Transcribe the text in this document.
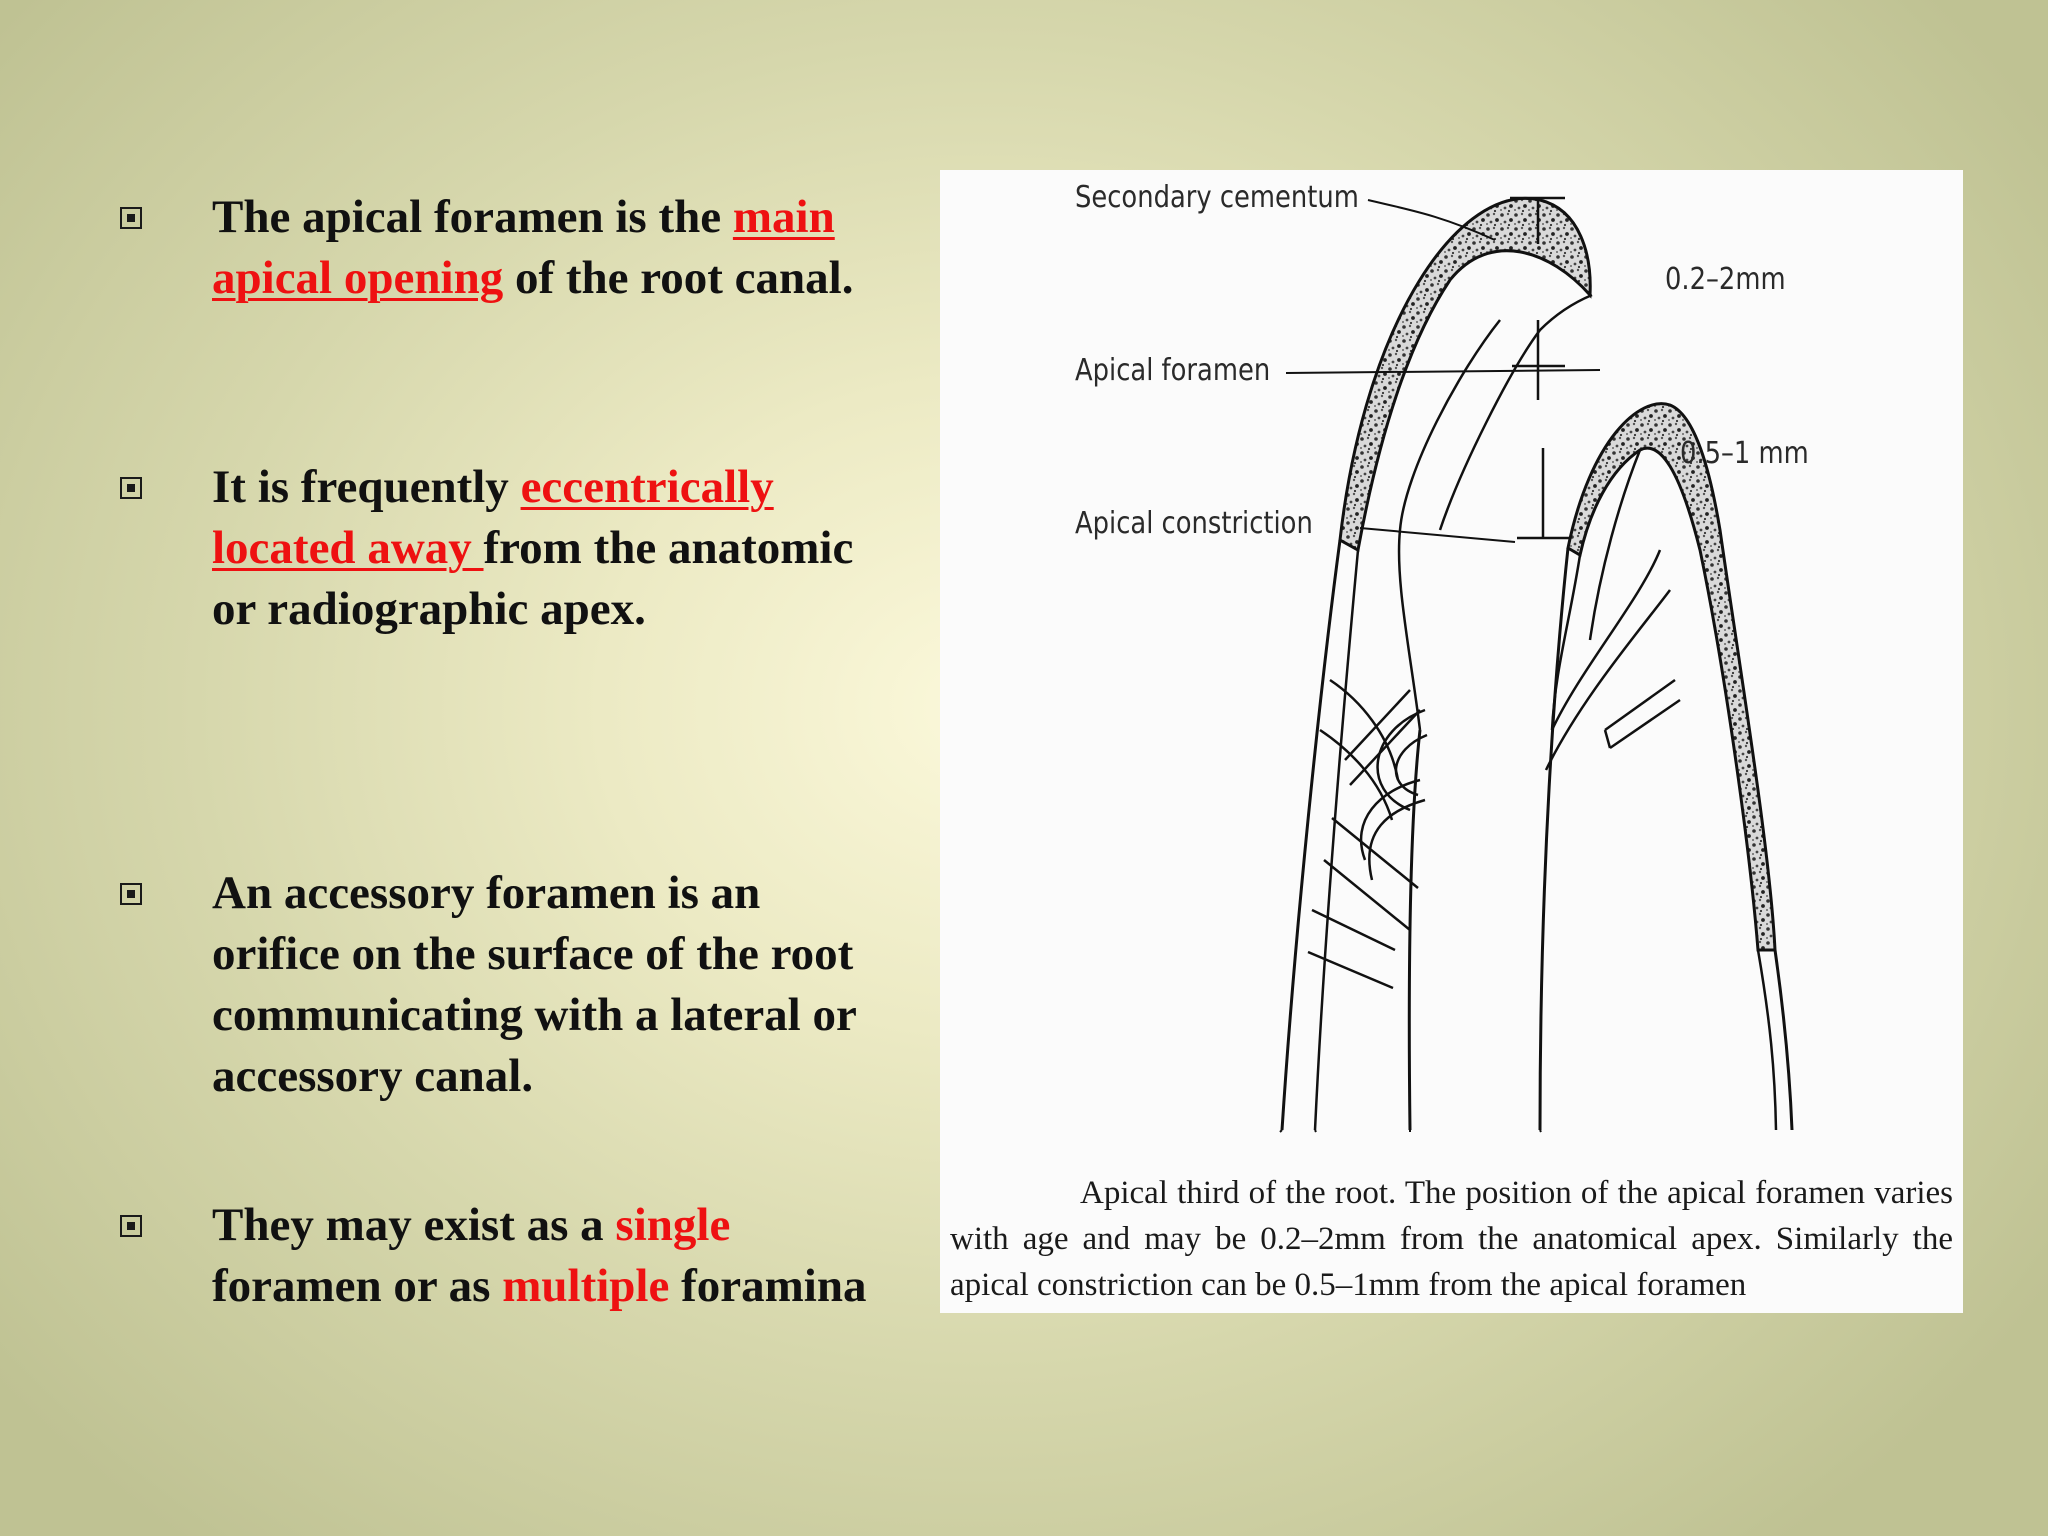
The apical foramen is the main apical opening of the root canal.

It is frequently eccentrically located away from the anatomic or radiographic apex.

An accessory foramen is an orifice on the surface of the root communicating with a lateral or accessory canal.

They may exist as a single foramen or as multiple foramina

Secondary cementum
Apical foramen
Apical constriction
0.2–2mm
0.5–1 mm

Apical third of the root. The position of the apical foramen varies with age and may be 0.2–2mm from the anatomical apex. Similarly the apical constriction can be 0.5–1mm from the apical foramen
